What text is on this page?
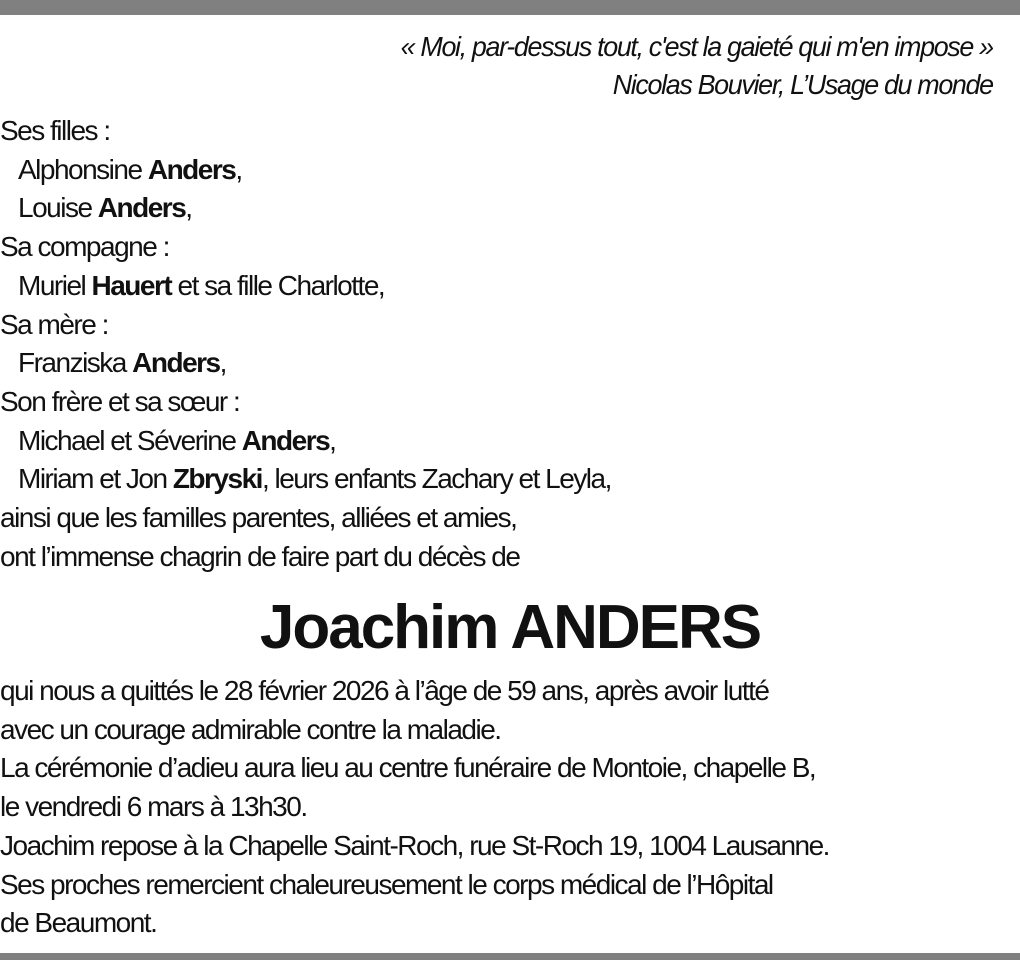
« Moi, par-dessus tout, c'est la gaieté qui m'en impose »
Nicolas Bouvier, L’Usage du monde
Ses filles :
Alphonsine Anders,
Louise Anders,
Sa compagne :
Muriel Hauert et sa fille Charlotte,
Sa mère :
Franziska Anders,
Son frère et sa sœur :
Michael et Séverine Anders,
Miriam et Jon Zbryski, leurs enfants Zachary et Leyla,
ainsi que les familles parentes, alliées et amies,
ont l’immense chagrin de faire part du décès de
Joachim ANDERS
qui nous a quittés le 28 février 2026 à l’âge de 59 ans, après avoir lutté
avec un courage admirable contre la maladie.
La cérémonie d’adieu aura lieu au centre funéraire de Montoie, chapelle B,
le vendredi 6 mars à 13h30.
Joachim repose à la Chapelle Saint-Roch, rue St-Roch 19, 1004 Lausanne.
Ses proches remercient chaleureusement le corps médical de l’Hôpital
de Beaumont.
